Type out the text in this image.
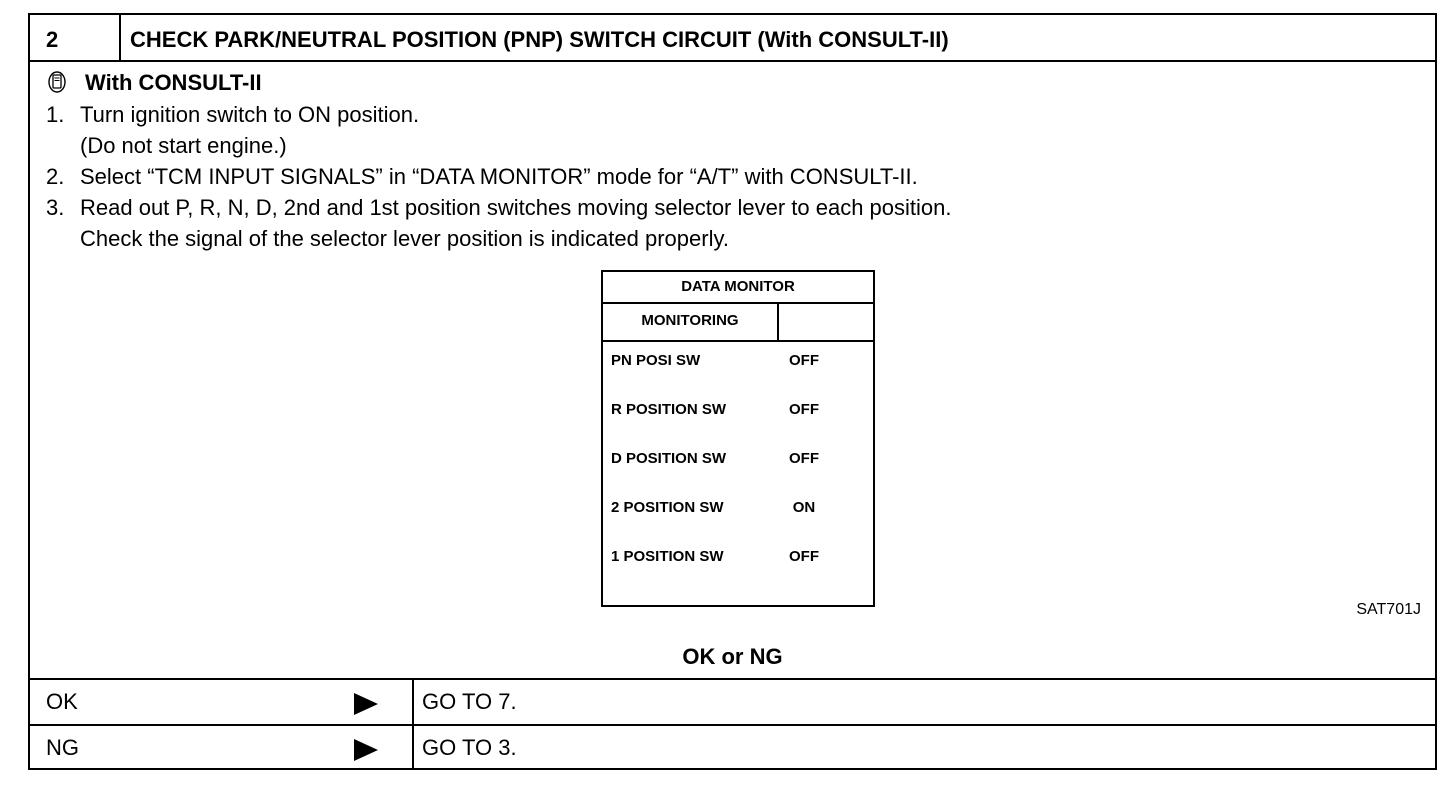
2	CHECK PARK/NEUTRAL POSITION (PNP) SWITCH CIRCUIT (With CONSULT-II)
With CONSULT-II
1. Turn ignition switch to ON position.
(Do not start engine.)
2. Select “TCM INPUT SIGNALS” in “DATA MONITOR” mode for “A/T” with CONSULT-II.
3. Read out P, R, N, D, 2nd and 1st position switches moving selector lever to each position.
Check the signal of the selector lever position is indicated properly.
DATA MONITOR
MONITORING
PN POSI SW	OFF
R POSITION SW	OFF
D POSITION SW	OFF
2 POSITION SW	ON
1 POSITION SW	OFF
SAT701J
OK or NG
OK	GO TO 7.
NG	GO TO 3.
